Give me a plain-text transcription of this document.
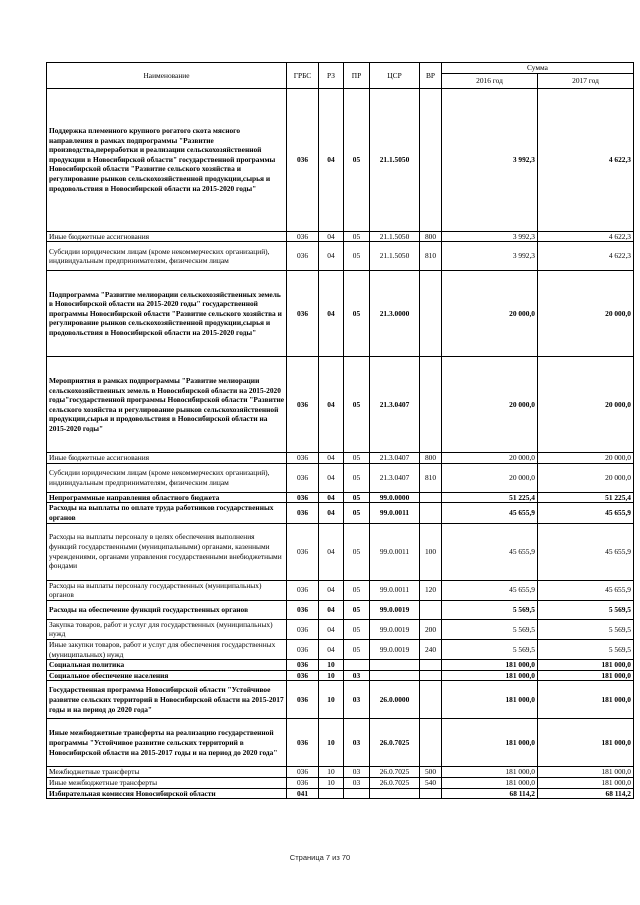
Наименование	ГРБС	РЗ	ПР	ЦСР	ВР	Сумма	
						2016 год	2017 год
Поддержка племенного крупного рогатого скота мясного направления в рамках подпрограммы "Развитие производства,переработки и реализации сельскохозяйственной продукции в Новосибирской области" государственной программы Новосибирской области "Развитие сельского хозяйства и регулирование рынков сельскохозяйственной продукции,сырья и продовольствия в Новосибирской области на 2015-2020 годы"	036	04	05	21.1.5050		3 992,3	4 622,3
Иные бюджетные ассигнования	036	04	05	21.1.5050	800	3 992,3	4 622,3
Субсидии юридическим лицам (кроме некоммерческих организаций), индивидуальным предпринимателям, физическим лицам	036	04	05	21.1.5050	810	3 992,3	4 622,3
Подпрограмма "Развитие мелиорации сельскохозяйственных земель в Новосибирской области на 2015-2020 годы" государственной программы Новосибирской области "Развитие сельского хозяйства и регулирование рынков сельскохозяйственной продукции,сырья и продовольствия в Новосибирской области на 2015-2020 годы"	036	04	05	21.3.0000		20 000,0	20 000,0
Мероприятия в рамках подпрограммы "Развитие мелиорации сельскохозяйственных земель в Новосибирской области на 2015-2020 годы"государственной программы Новосибирской области "Развитие сельского хозяйства и регулирование рынков сельскохозяйственной продукции,сырья и продовольствия в Новосибирской области на 2015-2020 годы"	036	04	05	21.3.0407		20 000,0	20 000,0
Иные бюджетные ассигнования	036	04	05	21.3.0407	800	20 000,0	20 000,0
Субсидии юридическим лицам (кроме некоммерческих организаций), индивидуальным предпринимателям, физическим лицам	036	04	05	21.3.0407	810	20 000,0	20 000,0
Непрограммные направления областного бюджета	036	04	05	99.0.0000		51 225,4	51 225,4
Расходы на выплаты по оплате труда работников государственных органов	036	04	05	99.0.0011		45 655,9	45 655,9
Расходы на выплаты персоналу в целях обеспечения выполнения функций государственными (муниципальными) органами, казенными учреждениями, органами управления государственными внебюджетными фондами	036	04	05	99.0.0011	100	45 655,9	45 655,9
Расходы на выплаты персоналу государственных (муниципальных) органов	036	04	05	99.0.0011	120	45 655,9	45 655,9
Расходы на обеспечение функций государственных органов	036	04	05	99.0.0019		5 569,5	5 569,5
Закупка товаров, работ и услуг для государственных (муниципальных) нужд	036	04	05	99.0.0019	200	5 569,5	5 569,5
Иные закупки товаров, работ и услуг для обеспечения государственных (муниципальных) нужд	036	04	05	99.0.0019	240	5 569,5	5 569,5
Социальная политика	036	10				181 000,0	181 000,0
Социальное обеспечение населения	036	10	03			181 000,0	181 000,0
Государственная программа Новосибирской области "Устойчивое развитие сельских территорий в Новосибирской области на 2015-2017 годы и на период до 2020 года"	036	10	03	26.0.0000		181 000,0	181 000,0
Иные межбюджетные трансферты на реализацию государственной программы "Устойчивое развитие сельских территорий в Новосибирской области на 2015-2017 годы и на период до 2020 года"	036	10	03	26.0.7025		181 000,0	181 000,0
Межбюджетные трансферты	036	10	03	26.0.7025	500	181 000,0	181 000,0
Иные межбюджетные трансферты	036	10	03	26.0.7025	540	181 000,0	181 000,0
Избирательная комиссия Новосибирской области	041					68 114,2	68 114,2
Страница 7 из 70
